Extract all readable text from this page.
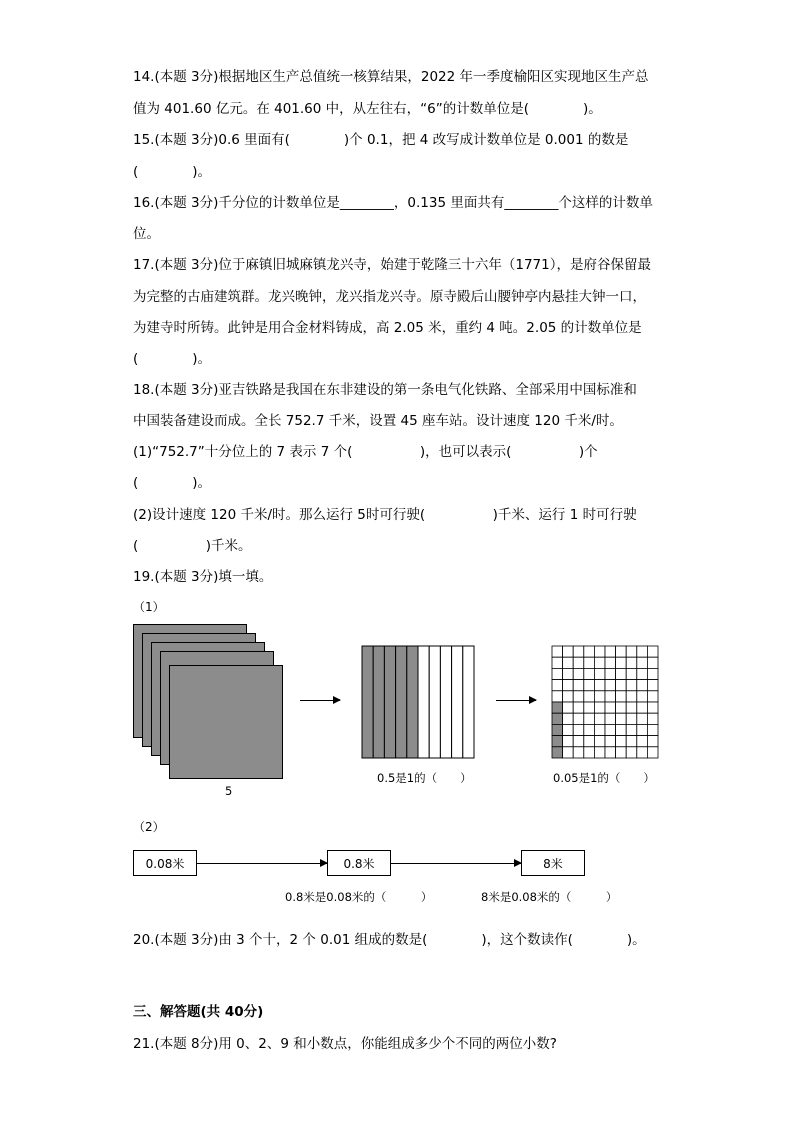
14.(本题 3分)根据地区生产总值统一核算结果，2022 年一季度榆阳区实现地区生产总
值为 401.60 亿元。在 401.60 中，从左往右，“6”的计数单位是(　　　　)。
15.(本题 3分)0.6 里面有(　　　　)个 0.1，把 4 改写成计数单位是 0.001 的数是
(　　　　)。
16.(本题 3分)千分位的计数单位是________，0.135 里面共有________个这样的计数单
位。
17.(本题 3分)位于麻镇旧城麻镇龙兴寺，始建于乾隆三十六年（1771），是府谷保留最
为完整的古庙建筑群。龙兴晚钟，龙兴指龙兴寺。原寺殿后山腰钟亭内悬挂大钟一口，
为建寺时所铸。此钟是用合金材料铸成，高 2.05 米，重约 4 吨。2.05 的计数单位是
(　　　　)。
18.(本题 3分)亚吉铁路是我国在东非建设的第一条电气化铁路、全部采用中国标准和
中国装备建设而成。全长 752.7 千米，设置 45 座车站。设计速度 120 千米/时。
(1)“752.7”十分位上的 7 表示 7 个(　　　　　)，也可以表示(　　　　　)个
(　　　　)。
(2)设计速度 120 千米/时。那么运行 5时可行驶(　　　　　)千米、运行 1 时可行驶
(　　　　　)千米。
19.(本题 3分)填一填。
（1）
5
0.5是1的（　　）	0.05是1的（　　）
（2）
0.08米	0.8米	8米
0.8米是0.08米的（　　　）	8米是0.08米的（　　　）
20.(本题 3分)由 3 个十，2 个 0.01 组成的数是(　　　　)，这个数读作(　　　　)。
三、解答题(共 40分)
21.(本题 8分)用 0、2、9 和小数点，你能组成多少个不同的两位小数?
